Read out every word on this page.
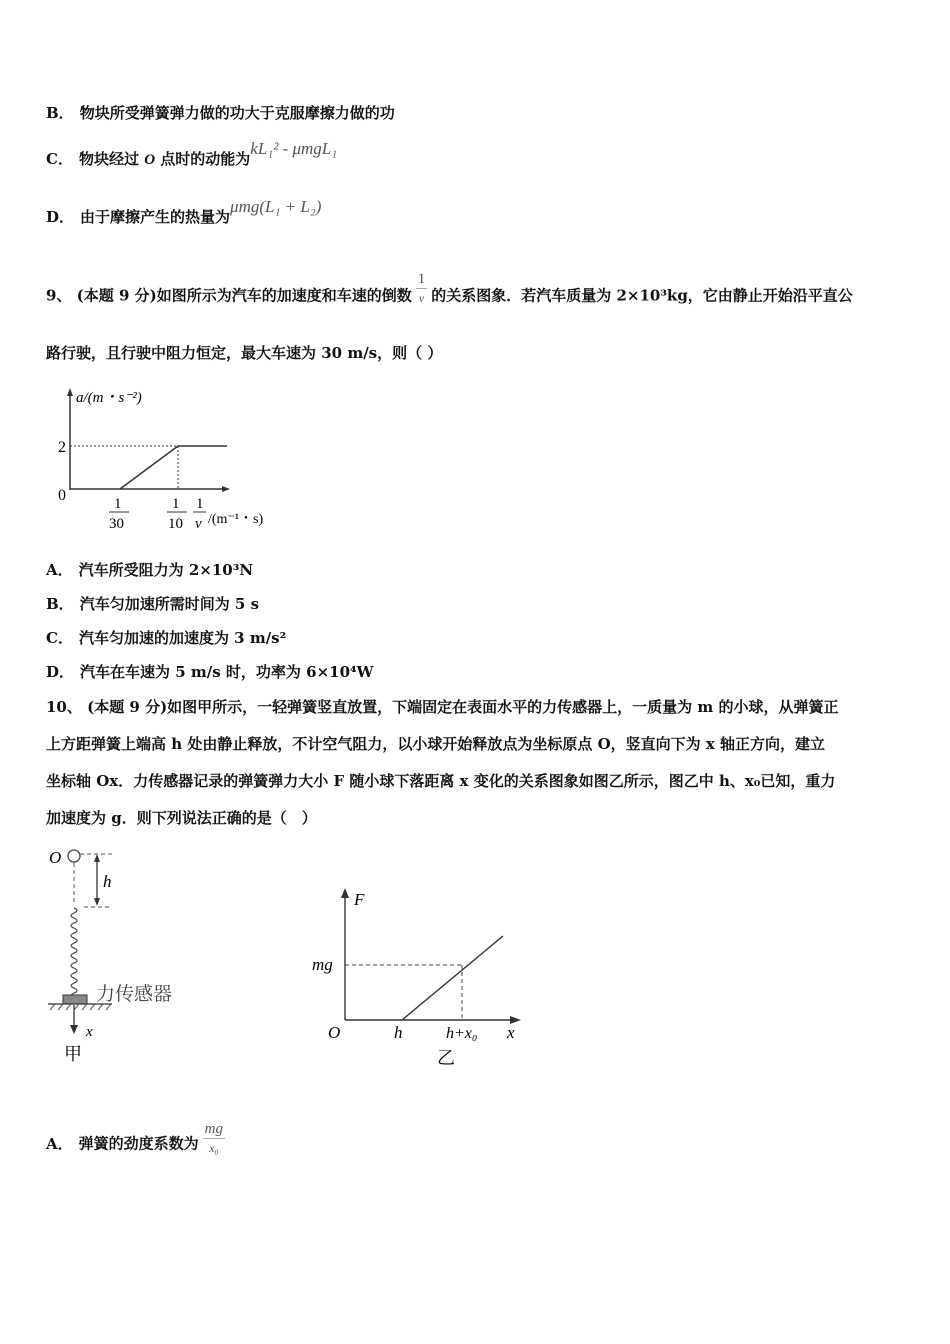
B． 物块所受弹簧弹力做的功大于克服摩擦力做的功
C． 物块经过 O 点时的动能为kL₁² - μmgL₁
D． 由于摩擦产生的热量为μmg(L₁ + L₂)
9、 (本题 9 分)如图所示为汽车的加速度和车速的倒数 $\frac{1}{v}$ 的关系图象．若汽车质量为 2×10³kg，它由静止开始沿平直公
路行驶，且行驶中阻力恒定，最大车速为 30 m/s，则（ ）
a/(m・s⁻²)
2
0	1
30
1
10
1
v /(m⁻¹・s)
A． 汽车所受阻力为 2×10³N
B． 汽车匀加速所需时间为 5 s
C． 汽车匀加速的加速度为 3 m/s²
D． 汽车在车速为 5 m/s 时，功率为 6×10⁴W
10、 (本题 9 分)如图甲所示，一轻弹簧竖直放置，下端固定在表面水平的力传感器上，一质量为 m 的小球，从弹簧正
上方距弹簧上端高 h 处由静止释放，不计空气阻力，以小球开始释放点为坐标原点 O，竖直向下为 x 轴正方向，建立
坐标轴 Ox．力传感器记录的弹簧弹力大小 F 随小球下落距离 x 变化的关系图象如图乙所示，图乙中 h、x₀已知，重力
加速度为 g．则下列说法正确的是（　）
O
h
力传感器
x
甲
F
mg
O	h	h+x₀ x
乙
A． 弹簧的劲度系数为 $\frac{mg}{\text{x₀}}$
